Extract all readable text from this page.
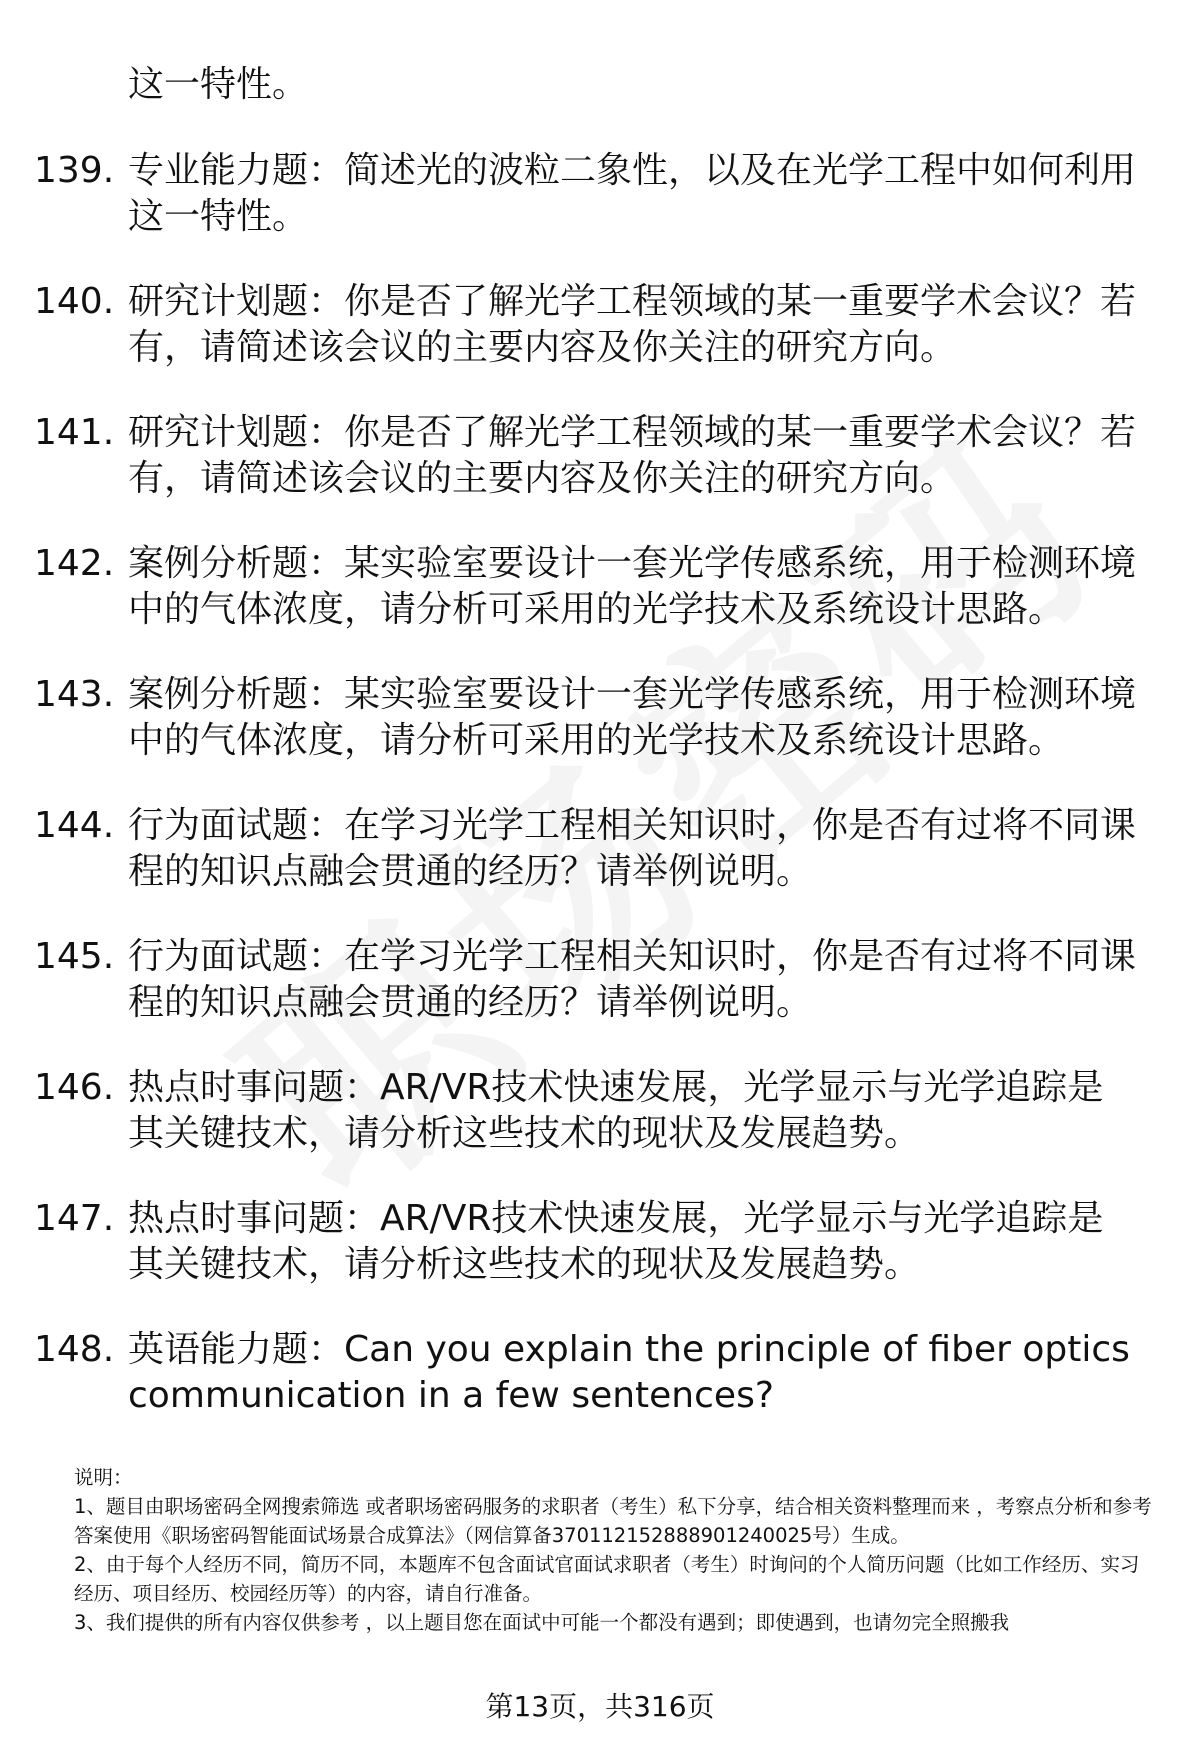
这一特性。
139. 专业能力题：简述光的波粒二象性，以及在光学工程中如何利用这一特性。
140. 研究计划题：你是否了解光学工程领域的某一重要学术会议？若有，请简述该会议的主要内容及你关注的研究方向。
141. 研究计划题：你是否了解光学工程领域的某一重要学术会议？若有，请简述该会议的主要内容及你关注的研究方向。
142. 案例分析题：某实验室要设计一套光学传感系统，用于检测环境中的气体浓度，请分析可采用的光学技术及系统设计思路。
143. 案例分析题：某实验室要设计一套光学传感系统，用于检测环境中的气体浓度，请分析可采用的光学技术及系统设计思路。
144. 行为面试题：在学习光学工程相关知识时，你是否有过将不同课程的知识点融会贯通的经历？请举例说明。
145. 行为面试题：在学习光学工程相关知识时，你是否有过将不同课程的知识点融会贯通的经历？请举例说明。
146. 热点时事问题：AR/VR技术快速发展，光学显示与光学追踪是其关键技术，请分析这些技术的现状及发展趋势。
147. 热点时事问题：AR/VR技术快速发展，光学显示与光学追踪是其关键技术，请分析这些技术的现状及发展趋势。
148. 英语能力题：Can you explain the principle of fiber optics communication in a few sentences?

说明：

1、题目由职场密码全网搜索筛选 或者职场密码服务的求职者（考生）私下分享，结合相关资料整理而来 ，考察点分析和参考答案使用《职场密码智能面试场景合成算法》（网信算备370112152888901240025号）生成。

2、由于每个人经历不同，简历不同，本题库不包含面试官面试求职者（考生）时询问的个人简历问题（比如工作经历、实习经历、项目经历、校园经历等）的内容，请自行准备。

3、我们提供的所有内容仅供参考 ，以上题目您在面试中可能一个都没有遇到；即使遇到，也请勿完全照搬我

第13页，共316页
